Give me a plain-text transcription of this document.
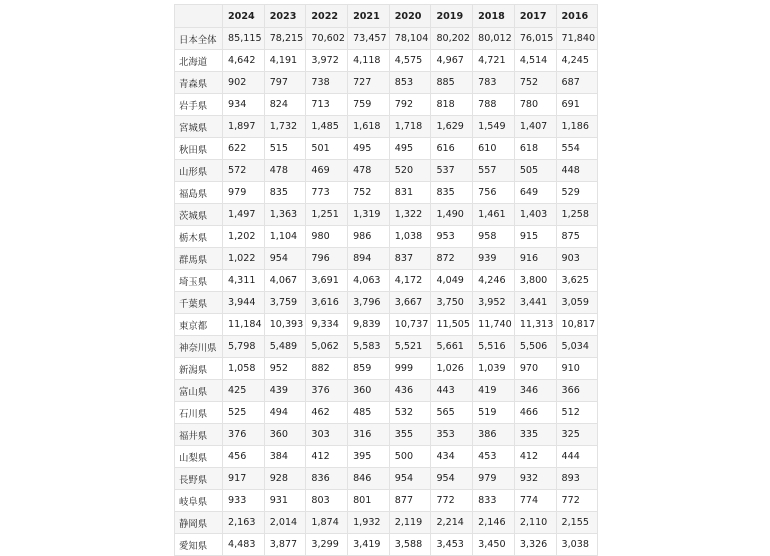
	2024	2023	2022	2021	2020	2019	2018	2017	2016
日本全体	85,115	78,215	70,602	73,457	78,104	80,202	80,012	76,015	71,840
北海道	4,642	4,191	3,972	4,118	4,575	4,967	4,721	4,514	4,245
青森県	902	797	738	727	853	885	783	752	687
岩手県	934	824	713	759	792	818	788	780	691
宮城県	1,897	1,732	1,485	1,618	1,718	1,629	1,549	1,407	1,186
秋田県	622	515	501	495	495	616	610	618	554
山形県	572	478	469	478	520	537	557	505	448
福島県	979	835	773	752	831	835	756	649	529
茨城県	1,497	1,363	1,251	1,319	1,322	1,490	1,461	1,403	1,258
栃木県	1,202	1,104	980	986	1,038	953	958	915	875
群馬県	1,022	954	796	894	837	872	939	916	903
埼玉県	4,311	4,067	3,691	4,063	4,172	4,049	4,246	3,800	3,625
千葉県	3,944	3,759	3,616	3,796	3,667	3,750	3,952	3,441	3,059
東京都	11,184	10,393	9,334	9,839	10,737	11,505	11,740	11,313	10,817
神奈川県	5,798	5,489	5,062	5,583	5,521	5,661	5,516	5,506	5,034
新潟県	1,058	952	882	859	999	1,026	1,039	970	910
富山県	425	439	376	360	436	443	419	346	366
石川県	525	494	462	485	532	565	519	466	512
福井県	376	360	303	316	355	353	386	335	325
山梨県	456	384	412	395	500	434	453	412	444
長野県	917	928	836	846	954	954	979	932	893
岐阜県	933	931	803	801	877	772	833	774	772
静岡県	2,163	2,014	1,874	1,932	2,119	2,214	2,146	2,110	2,155
愛知県	4,483	3,877	3,299	3,419	3,588	3,453	3,450	3,326	3,038
